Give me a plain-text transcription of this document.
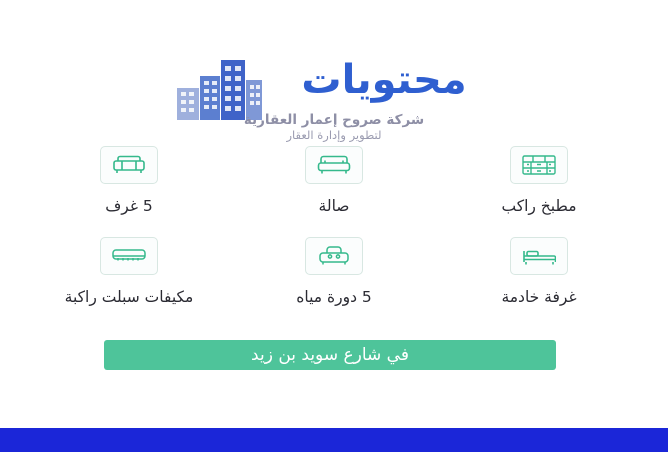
محتويات
شركة صروح إعمار العقارية
لتطوير وإدارة العقار
5 غرف	صالة	مطبخ راكب
مكيفات سبلت راكبة	5 دورة مياه	غرفة خادمة
في شارع سويد بن زيد
